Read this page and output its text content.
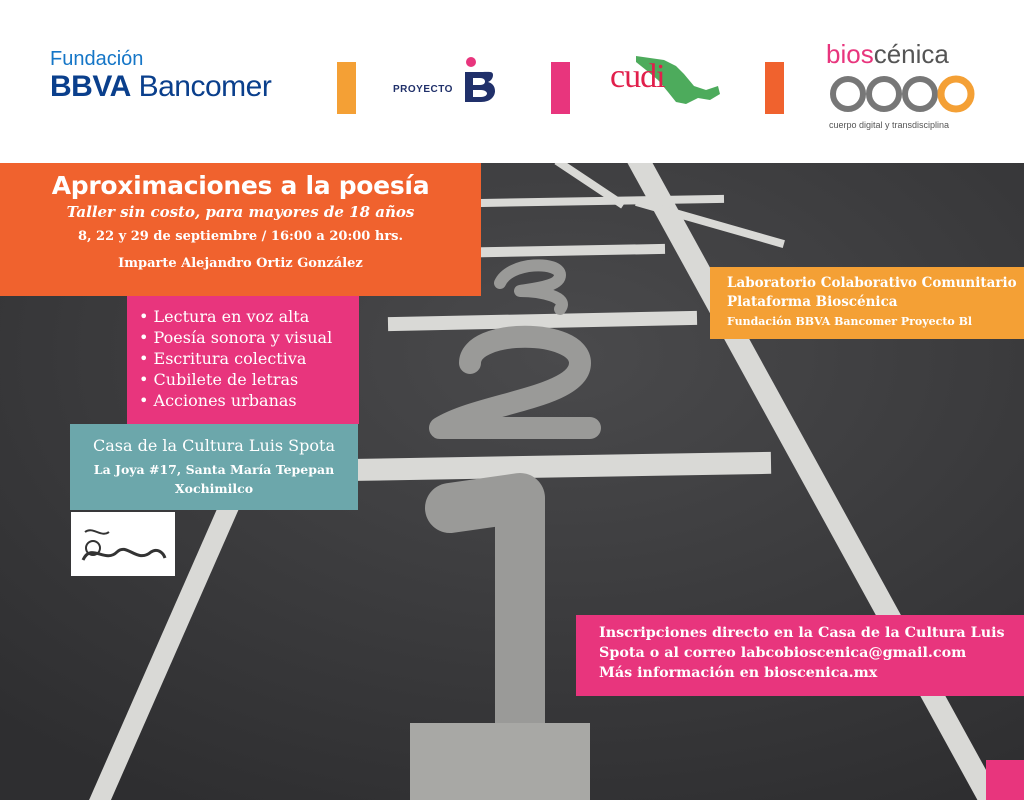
Fundación
BBVA Bancomer	PROYECTO	cudi
bioscénica
cuerpo digital y transdisciplina
Aproximaciones a la poesía
Taller sin costo, para mayores de 18 años
8, 22 y 29 de septiembre / 16:00 a 20:00 hrs.
Imparte Alejandro Ortiz González
• Lectura en voz alta
• Poesía sonora y visual
• Escritura colectiva
• Cubilete de letras
• Acciones urbanas
Casa de la Cultura Luis Spota
La Joya #17, Santa María Tepepan
Xochimilco
Laboratorio Colaborativo Comunitario
Plataforma Bioscénica
Fundación BBVA Bancomer Proyecto Bl
Inscripciones directo en la Casa de la Cultura Luis
Spota o al correo labcobioscenica@gmail.com
Más información en bioscenica.mx
